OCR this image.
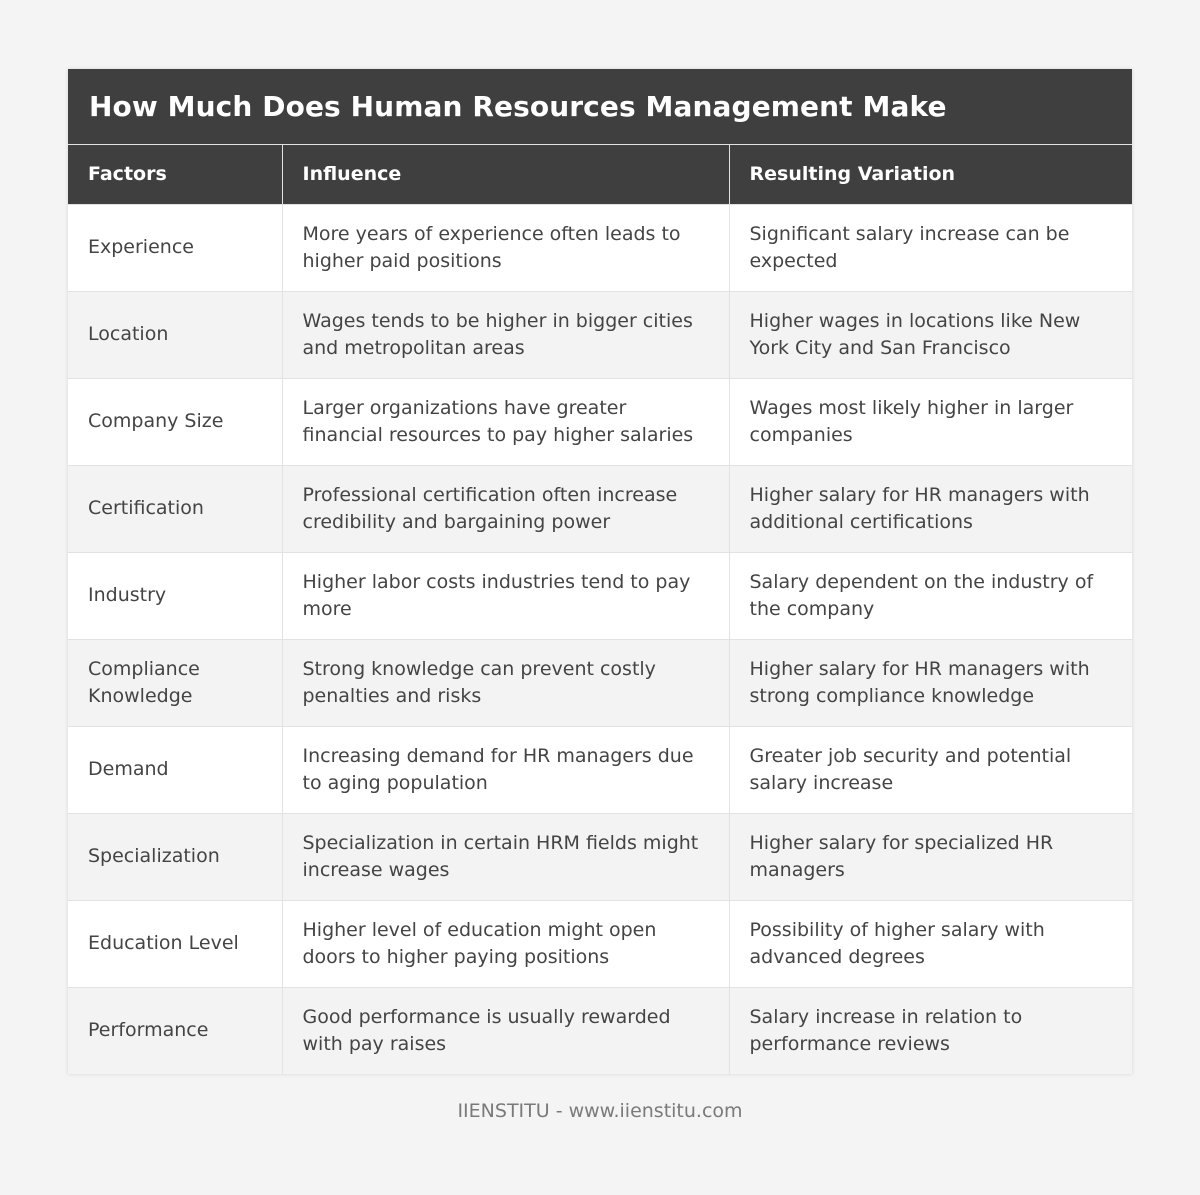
How Much Does Human Resources Management Make
Factors	Influence	Resulting Variation
Experience	More years of experience often leads to higher paid positions	Significant salary increase can be expected
Location	Wages tends to be higher in bigger cities and metropolitan areas	Higher wages in locations like New York City and San Francisco
Company Size	Larger organizations have greater financial resources to pay higher salaries	Wages most likely higher in larger companies
Certification	Professional certification often increase credibility and bargaining power	Higher salary for HR managers with additional certifications
Industry	Higher labor costs industries tend to pay more	Salary dependent on the industry of the company
Compliance Knowledge	Strong knowledge can prevent costly penalties and risks	Higher salary for HR managers with strong compliance knowledge
Demand	Increasing demand for HR managers due to aging population	Greater job security and potential salary increase
Specialization	Specialization in certain HRM fields might increase wages	Higher salary for specialized HR managers
Education Level	Higher level of education might open doors to higher paying positions	Possibility of higher salary with advanced degrees
Performance	Good performance is usually rewarded with pay raises	Salary increase in relation to performance reviews
IIENSTITU - www.iienstitu.com
